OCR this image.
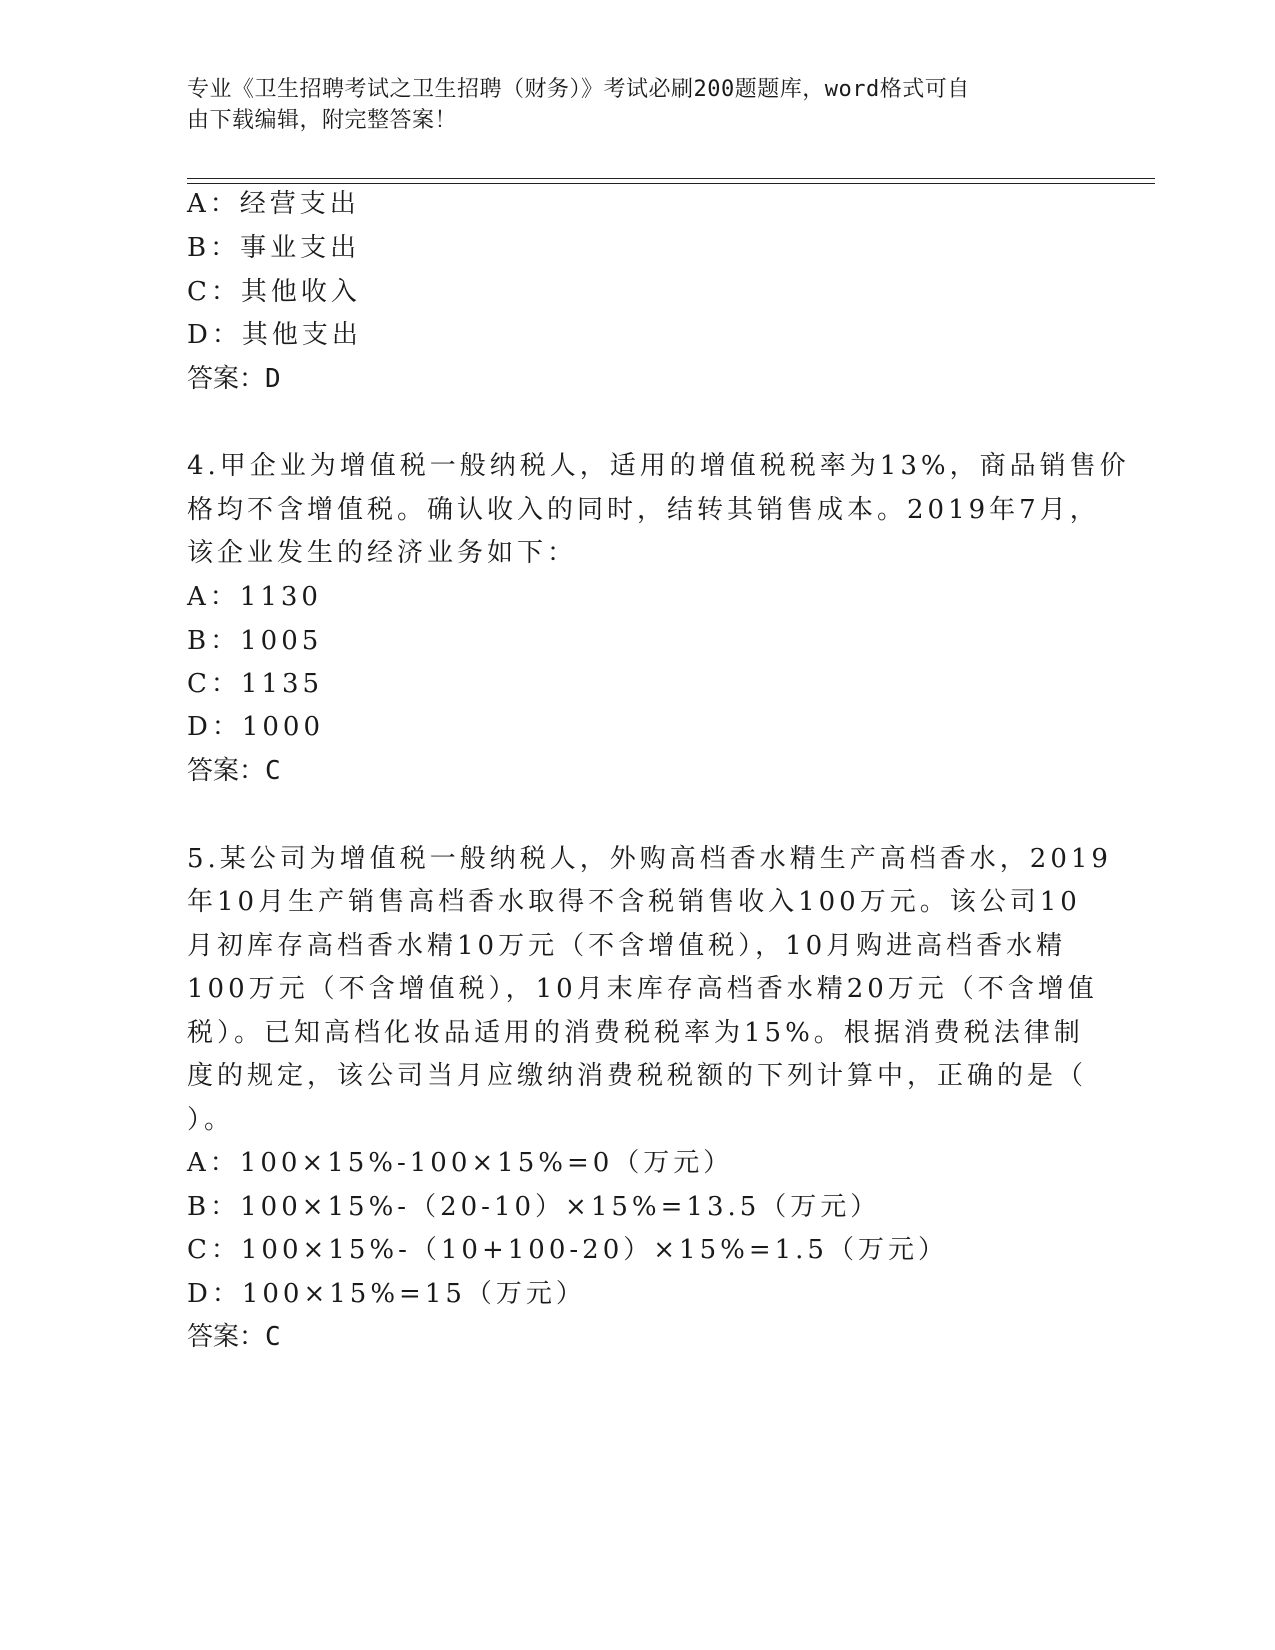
专业《卫生招聘考试之卫生招聘（财务）》考试必刷200题题库，word格式可自
由下载编辑，附完整答案！
A：经营支出
B：事业支出
C：其他收入
D：其他支出
答案：D
4.甲企业为增值税一般纳税人，适用的增值税税率为13%，商品销售价
格均不含增值税。确认收入的同时，结转其销售成本。2019年7月，
该企业发生的经济业务如下：
A：1130
B：1005
C：1135
D：1000
答案：C
5.某公司为增值税一般纳税人，外购高档香水精生产高档香水，2019
年10月生产销售高档香水取得不含税销售收入100万元。该公司10
月初库存高档香水精10万元（不含增值税），10月购进高档香水精
100万元（不含增值税），10月末库存高档香水精20万元（不含增值
税）。已知高档化妆品适用的消费税税率为15%。根据消费税法律制
度的规定，该公司当月应缴纳消费税税额的下列计算中，正确的是（
）。
A：100×15%-100×15%=0（万元）
B：100×15%-（20-10）×15%=13.5（万元）
C：100×15%-（10+100-20）×15%=1.5（万元）
D：100×15%=15（万元）
答案：C
